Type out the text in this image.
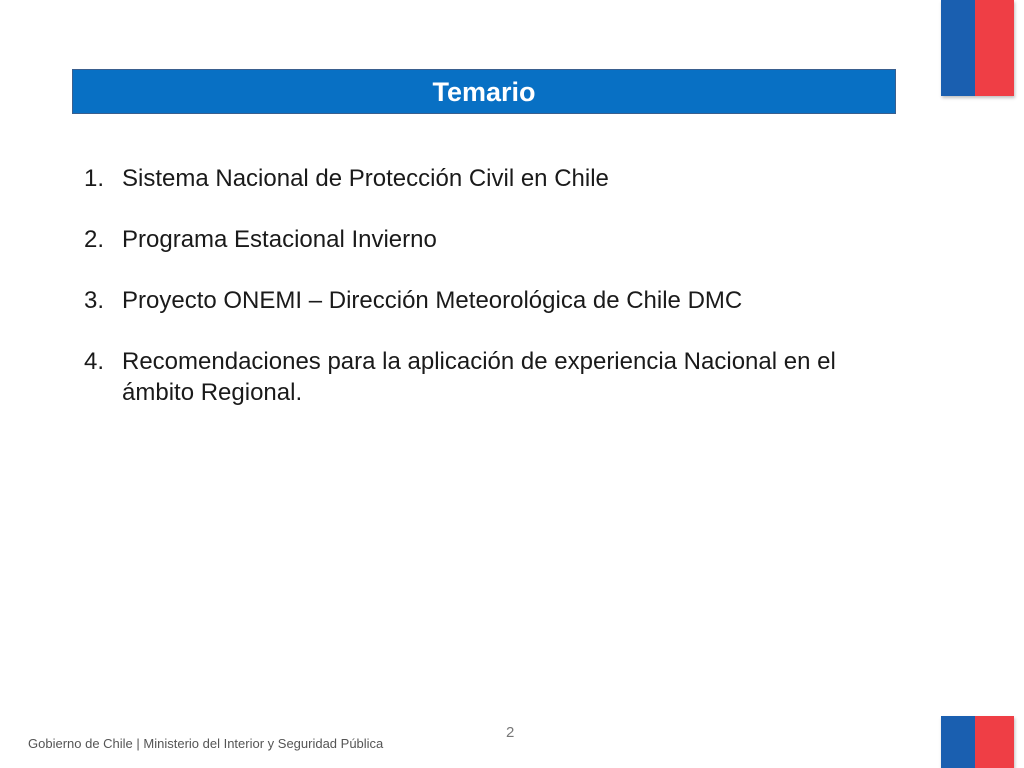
Temario
1. Sistema Nacional de Protección Civil en Chile
2. Programa Estacional Invierno
3. Proyecto ONEMI – Dirección Meteorológica de Chile DMC
4. Recomendaciones para la aplicación de experiencia Nacional en el ámbito Regional.
2
Gobierno de Chile | Ministerio del Interior y Seguridad Pública
